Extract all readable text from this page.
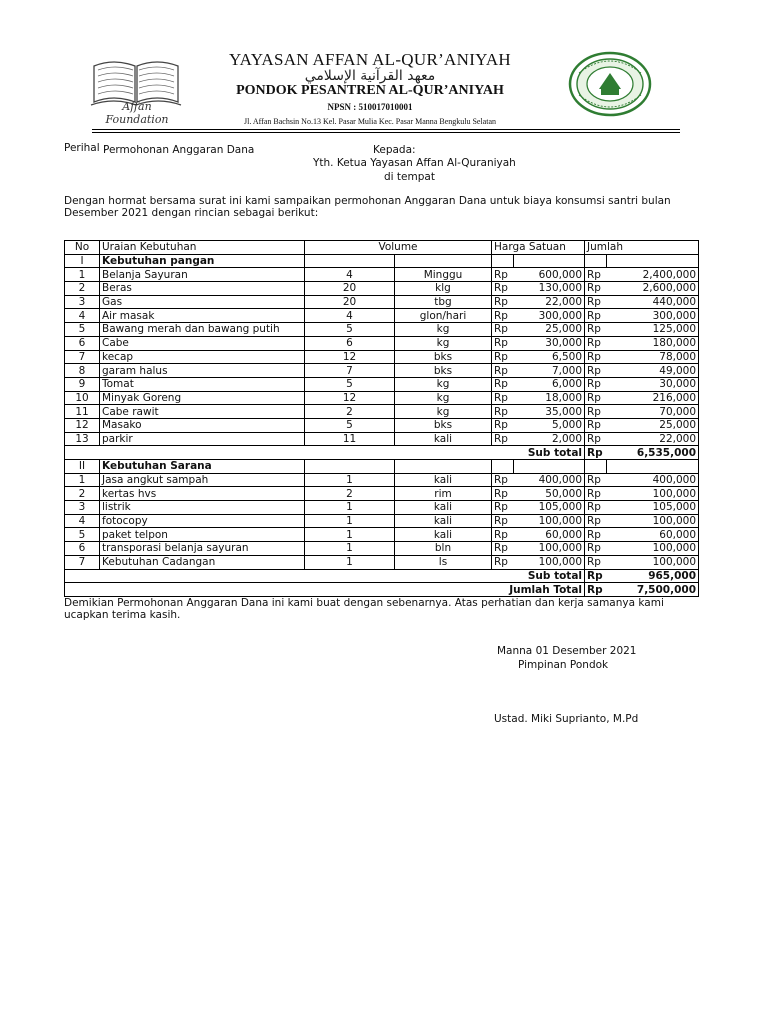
Affan Foundation
YAYASAN AFFAN AL-QUR’ANIYAH
معهد القرآنية الإسلامي
PONDOK PESANTREN AL-QUR’ANIYAH
NPSN : 510017010001
Jl. Affan Bachsin No.13 Kel. Pasar Mulia Kec. Pasar Manna Bengkulu Selatan
Perihal :
Permohonan Anggaran Dana	Kepada:
Yth. Ketua Yayasan Affan Al-Quraniyah
di tempat
Dengan hormat bersama surat ini kami sampaikan permohonan Anggaran Dana untuk biaya konsumsi santri bulan
Desember 2021 dengan rincian sebagai berikut:
No	Uraian Kebutuhan	Volume		Harga Satuan		Jumlah	
I	Kebutuhan pangan						
1	Belanja Sayuran	4	Minggu	Rp	600,000	Rp	2,400,000
2	Beras	20	klg	Rp	130,000	Rp	2,600,000
3	Gas	20	tbg	Rp	22,000	Rp	440,000
4	Air masak	4	glon/hari	Rp	300,000	Rp	300,000
5	Bawang merah dan bawang putih	5	kg	Rp	25,000	Rp	125,000
6	Cabe	6	kg	Rp	30,000	Rp	180,000
7	kecap	12	bks	Rp	6,500	Rp	78,000
8	garam halus	7	bks	Rp	7,000	Rp	49,000
9	Tomat	5	kg	Rp	6,000	Rp	30,000
10	Minyak Goreng	12	kg	Rp	18,000	Rp	216,000
11	Cabe rawit	2	kg	Rp	35,000	Rp	70,000
12	Masako	5	bks	Rp	5,000	Rp	25,000
13	parkir	11	kali	Rp	2,000	Rp	22,000
Sub total						Rp	6,535,000
II	Kebutuhan Sarana						
1	Jasa angkut sampah	1	kali	Rp	400,000	Rp	400,000
2	kertas hvs	2	rim	Rp	50,000	Rp	100,000
3	listrik	1	kali	Rp	105,000	Rp	105,000
4	fotocopy	1	kali	Rp	100,000	Rp	100,000
5	paket telpon	1	kali	Rp	60,000	Rp	60,000
6	transporasi belanja sayuran	1	bln	Rp	100,000	Rp	100,000
7	Kebutuhan Cadangan	1	ls	Rp	100,000	Rp	100,000
Sub total						Rp	965,000
Jumlah Total						Rp	7,500,000
Demikian Permohonan Anggaran Dana ini kami buat dengan sebenarnya. Atas perhatian dan kerja samanya kami
ucapkan terima kasih.
Manna 01 Desember 2021
Pimpinan Pondok
Ustad. Miki Suprianto, M.Pd
